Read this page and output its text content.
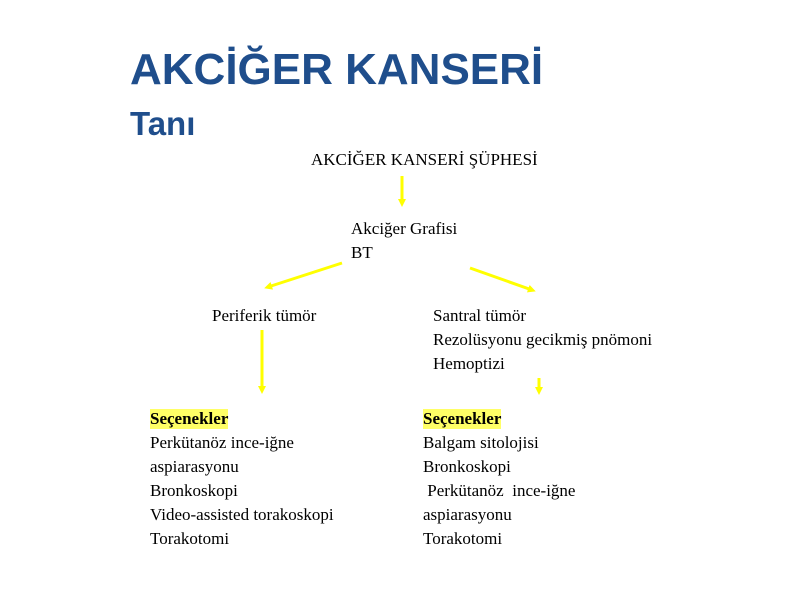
AKCİĞER KANSERİ
Tanı
AKCİĞER KANSERİ ŞÜPHESİ
Akciğer Grafisi
BT
Periferik tümör	Santral tümör
Rezolüsyonu gecikmiş pnömoni
Hemoptizi
Seçenekler
Perkütanöz ince-iğne
aspiarasyonu
Bronkoskopi
Video-assisted torakoskopi
Torakotomi
Seçenekler
Balgam sitolojisi
Bronkoskopi
Perkütanöz  ince-iğne
aspiarasyonu
Torakotomi
